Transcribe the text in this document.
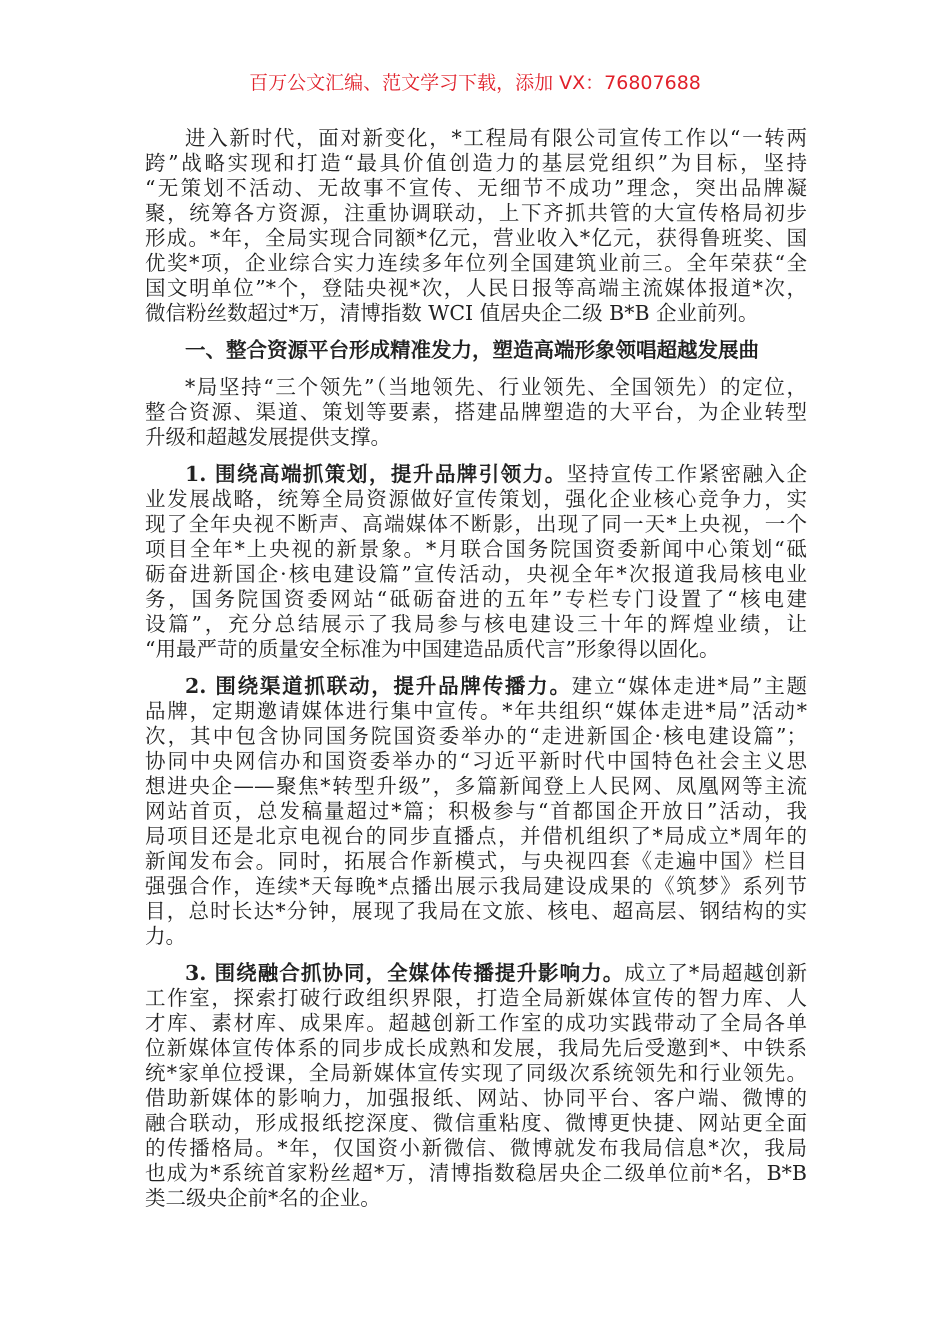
百万公文汇编、范文学习下载，添加 VX：76807688
进入新时代，面对新变化，*工程局有限公司宣传工作以“一转两
跨”战略实现和打造“最具价值创造力的基层党组织”为目标，坚持
“无策划不活动、无故事不宣传、无细节不成功”理念，突出品牌凝
聚，统筹各方资源，注重协调联动，上下齐抓共管的大宣传格局初步
形成。*年，全局实现合同额*亿元，营业收入*亿元，获得鲁班奖、国
优奖*项，企业综合实力连续多年位列全国建筑业前三。全年荣获“全
国文明单位”*个，登陆央视*次，人民日报等高端主流媒体报道*次，
微信粉丝数超过*万，清博指数 WCI 值居央企二级 B*B 企业前列。
一、整合资源平台形成精准发力，塑造高端形象领唱超越发展曲
*局坚持“三个领先”（当地领先、行业领先、全国领先）的定位，
整合资源、渠道、策划等要素，搭建品牌塑造的大平台，为企业转型
升级和超越发展提供支撑。
1. 围绕高端抓策划，提升品牌引领力。坚持宣传工作紧密融入企
业发展战略，统筹全局资源做好宣传策划，强化企业核心竞争力，实
现了全年央视不断声、高端媒体不断影，出现了同一天*上央视，一个
项目全年*上央视的新景象。*月联合国务院国资委新闻中心策划“砥
砺奋进新国企·核电建设篇”宣传活动，央视全年*次报道我局核电业
务，国务院国资委网站“砥砺奋进的五年”专栏专门设置了“核电建
设篇”，充分总结展示了我局参与核电建设三十年的辉煌业绩，让
“用最严苛的质量安全标准为中国建造品质代言”形象得以固化。
2. 围绕渠道抓联动，提升品牌传播力。建立“媒体走进*局”主题
品牌，定期邀请媒体进行集中宣传。*年共组织“媒体走进*局”活动*
次，其中包含协同国务院国资委举办的“走进新国企·核电建设篇”；
协同中央网信办和国资委举办的“习近平新时代中国特色社会主义思
想进央企——聚焦*转型升级”，多篇新闻登上人民网、凤凰网等主流
网站首页，总发稿量超过*篇；积极参与“首都国企开放日”活动，我
局项目还是北京电视台的同步直播点，并借机组织了*局成立*周年的
新闻发布会。同时，拓展合作新模式，与央视四套《走遍中国》栏目
强强合作，连续*天每晚*点播出展示我局建设成果的《筑梦》系列节
目，总时长达*分钟，展现了我局在文旅、核电、超高层、钢结构的实
力。
3. 围绕融合抓协同，全媒体传播提升影响力。成立了*局超越创新
工作室，探索打破行政组织界限，打造全局新媒体宣传的智力库、人
才库、素材库、成果库。超越创新工作室的成功实践带动了全局各单
位新媒体宣传体系的同步成长成熟和发展，我局先后受邀到*、中铁系
统*家单位授课，全局新媒体宣传实现了同级次系统领先和行业领先。
借助新媒体的影响力，加强报纸、网站、协同平台、客户端、微博的
融合联动，形成报纸挖深度、微信重粘度、微博更快捷、网站更全面
的传播格局。*年，仅国资小新微信、微博就发布我局信息*次，我局
也成为*系统首家粉丝超*万，清博指数稳居央企二级单位前*名，B*B
类二级央企前*名的企业。
